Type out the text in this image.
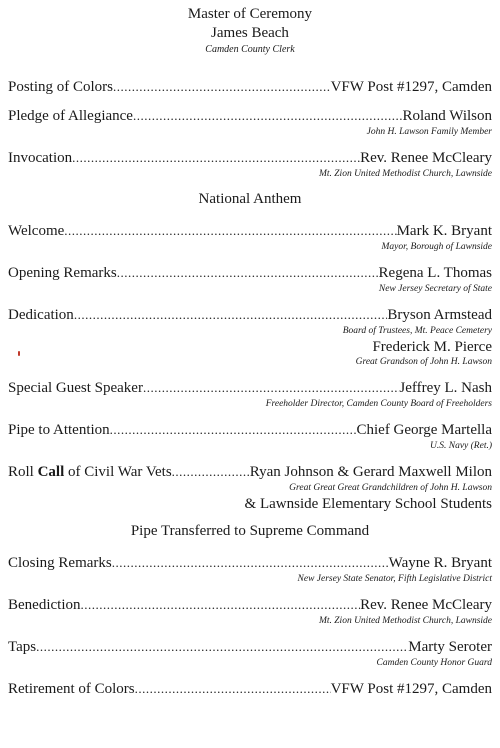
Master of Ceremony
James Beach
Camden County Clerk
Posting of Colors .....	VFW Post #1297, Camden
Pledge of Allegiance .....	Roland Wilson
John H. Lawson Family Member
Invocation .....	Rev. Renee McCleary
Mt. Zion United Methodist Church, Lawnside
National Anthem
Welcome .....	Mark K. Bryant
Mayor, Borough of Lawnside
Opening Remarks .....	Regena L. Thomas
New Jersey Secretary of State
Dedication .....	Bryson Armstead
Board of Trustees, Mt. Peace Cemetery
Frederick M. Pierce
Great Grandson of John H. Lawson
Special Guest Speaker .....	Jeffrey L. Nash
Freeholder Director, Camden County Board of Freeholders
Pipe to Attention .....	Chief George Martella
U.S. Navy (Ret.)
Roll Call of Civil War Vets .....	Ryan Johnson & Gerard Maxwell Milon
Great Great Great Grandchildren of John H. Lawson
& Lawnside Elementary School Students
Pipe Transferred to Supreme Command
Closing Remarks .....	Wayne R. Bryant
New Jersey State Senator, Fifth Legislative District
Benediction .....	Rev. Renee McCleary
Mt. Zion United Methodist Church, Lawnside
Taps .....	Marty Seroter
Camden County Honor Guard
Retirement of Colors .....	VFW Post #1297, Camden
